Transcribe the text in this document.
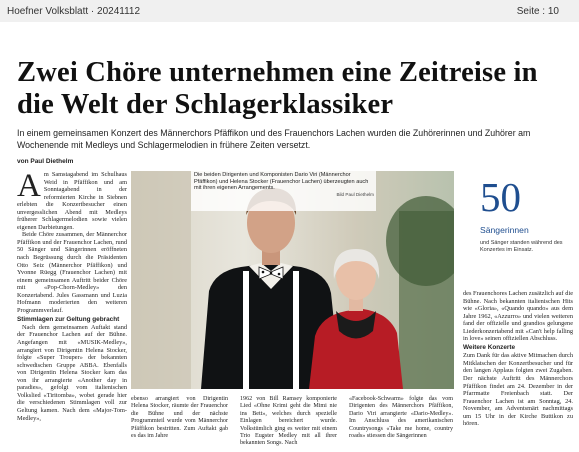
Hoefner Volksblatt · 20241112	Seite : 10
Zwei Chöre unternehmen eine Zeitreise in die Welt der Schlagerklassiker

In einem gemeinsamen Konzert des Männerchors Pfäffikon und des Frauenchors Lachen wurden die Zuhörerinnen und Zuhörer am Wochenende mit Medleys und Schlagermelodien in frühere Zeiten versetzt.

von Paul Diethelm

Am Samstagabend im Schulhaus Weid in Pfäffikon und am Sonntagabend in der reformierten Kirche in Siebnen erlebten die Konzertbesucher einen unvergesslichen Abend mit Medleys früherer Schlagermelodien sowie vielen eigenen Darbietungen.

Beide Chöre zusammen, der Männerchor Pfäffikon und der Frauenchor Lachen, rund 50 Sänger und Sängerinnen eröffneten nach Begrüssung durch die Präsidenten Otto Seiz (Männerchor Pfäffikon) und Yvonne Rüegg (Frauenchor Lachen) mit einem gemeinsamen Auftritt beider Chöre mit «Pop-Chorn-Medley» den Konzertabend. Jules Gassmann und Luzia Hofmann moderierten den weiteren Programmverlauf.

Stimmlagen zur Geltung gebracht

Nach dem gemeinsamen Auftakt stand der Frauenchor Lachen auf der Bühne. Angefangen mit «MUSIK-Medley», arrangiert von Dirigentin Helena Stocker, folgte «Super Trouper» der bekannten schwedischen Gruppe ABBA. Ebenfalls von Dirigentin Helena Stocker kam das von ihr arrangierte «Another day in paradies», gefolgt vom italienischen Volkslied «Tiritomba», wobei gerade hier die verschiedenen Stimmlagen voll zur Geltung kamen. Nach dem «Major-Tom-Medley»,

Die beiden Dirigenten und Komponisten Dario Viri (Männerchor Pfäffikon) und Helena Stocker (Frauenchor Lachen) überzeugten auch mit ihren eigenen Arrangements.
Bild Paul Diethelm
ebenso arrangiert von Dirigentin Helena Stocker, räumte der Frauenchor die Bühne und der nächste Programmteil wurde vom Männerchor Pfäffikon bestritten. Zum Auftakt gab es das im Jahre
1962 von Bill Ramsey komponierte Lied «Ohne Krimi geht die Mimi nie ins Bett», welches durch spezielle Einlagen bereichert wurde. Volkstümlich ging es weiter mit einem Trio Eugster Medley mit all ihrer bekannten Songs. Nach
«Facebook-Schwarm» folgte das vom Dirigenten des Männerchors Pfäffikon, Dario Viri arrangierte «Dario-Medley». Im Anschluss des amerikanischen Countrysongs «Take me home, country roads» stiessen die Sängerinnen
50
Sängerinnen
und Sänger standen während des Konzertes im Einsatz.

des Frauenchores Lachen zusätzlich auf die Bühne. Nach bekannten italienischen Hits wie «Gloria», «Quando quando» aus dem Jahre 1962, «Azzurro» und vielen weiteren fand der offizielle und grandios gelungene Liederkonzertabend mit «Can't help falling in love» seinen offiziellen Abschluss.

Weitere Konzerte

Zum Dank für das aktive Mitmachen durch Mitklatschen der Konzertbesucher und für den langen Applaus folgten zwei Zugaben. Der nächste Auftritt des Männerchors Pfäffikon findet am 24. Dezember in der Pfarrmatte Freienbach statt. Der Frauenchor Lachen ist am Sonntag, 24. November, am Adventsmärt nachmittags um 15 Uhr in der Kirche Buttikon zu hören.
